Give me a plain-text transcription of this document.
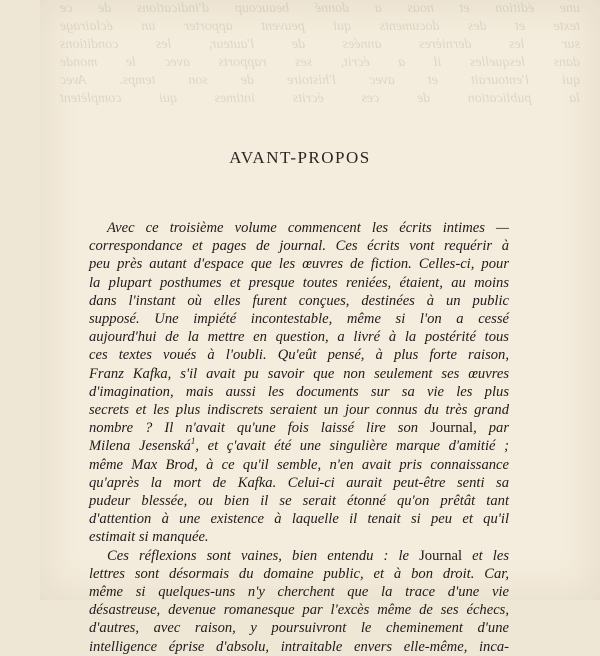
une édition et nous a donné beaucoup d'indications de ce
texte et des documents qui peuvent apporter un éclairage
sur les dernières années de l'auteur, les conditions
dans lesquelles il a écrit, ses rapports avec le monde
qui l'entourait et avec l'histoire de son temps. Avec
la publication de ces écrits intimes qui complètent
AVANT-PROPOS
Avec ce troisième volume commencent les écrits intimes —
correspondance et pages de journal. Ces écrits vont requérir à
peu près autant d'espace que les œuvres de fiction. Celles-ci, pour
la plupart posthumes et presque toutes reniées, étaient, au moins
dans l'instant où elles furent conçues, destinées à un public
supposé. Une impiété incontestable, même si l'on a cessé
aujourd'hui de la mettre en question, a livré à la postérité tous
ces textes voués à l'oubli. Qu'eût pensé, à plus forte raison,
Franz Kafka, s'il avait pu savoir que non seulement ses œuvres
d'imagination, mais aussi les documents sur sa vie les plus
secrets et les plus indiscrets seraient un jour connus du très grand
nombre ? Il n'avait qu'une fois laissé lire son Journal, par
Milena Jesenská$^1$, et ç'avait été une singulière marque d'amitié ;
même Max Brod, à ce qu'il semble, n'en avait pris connaissance
qu'après la mort de Kafka. Celui-ci aurait peut-être senti sa
pudeur blessée, ou bien il se serait étonné qu'on prêtât tant
d'attention à une existence à laquelle il tenait si peu et qu'il
estimait si manquée.
Ces réflexions sont vaines, bien entendu : le Journal et les
lettres sont désormais du domaine public, et à bon droit. Car,
même si quelques-uns n'y cherchent que la trace d'une vie
désastreuse, devenue romanesque par l'excès même de ses échecs,
d'autres, avec raison, y poursuivront le cheminement d'une
intelligence éprise d'absolu, intraitable envers elle-même, inca-
